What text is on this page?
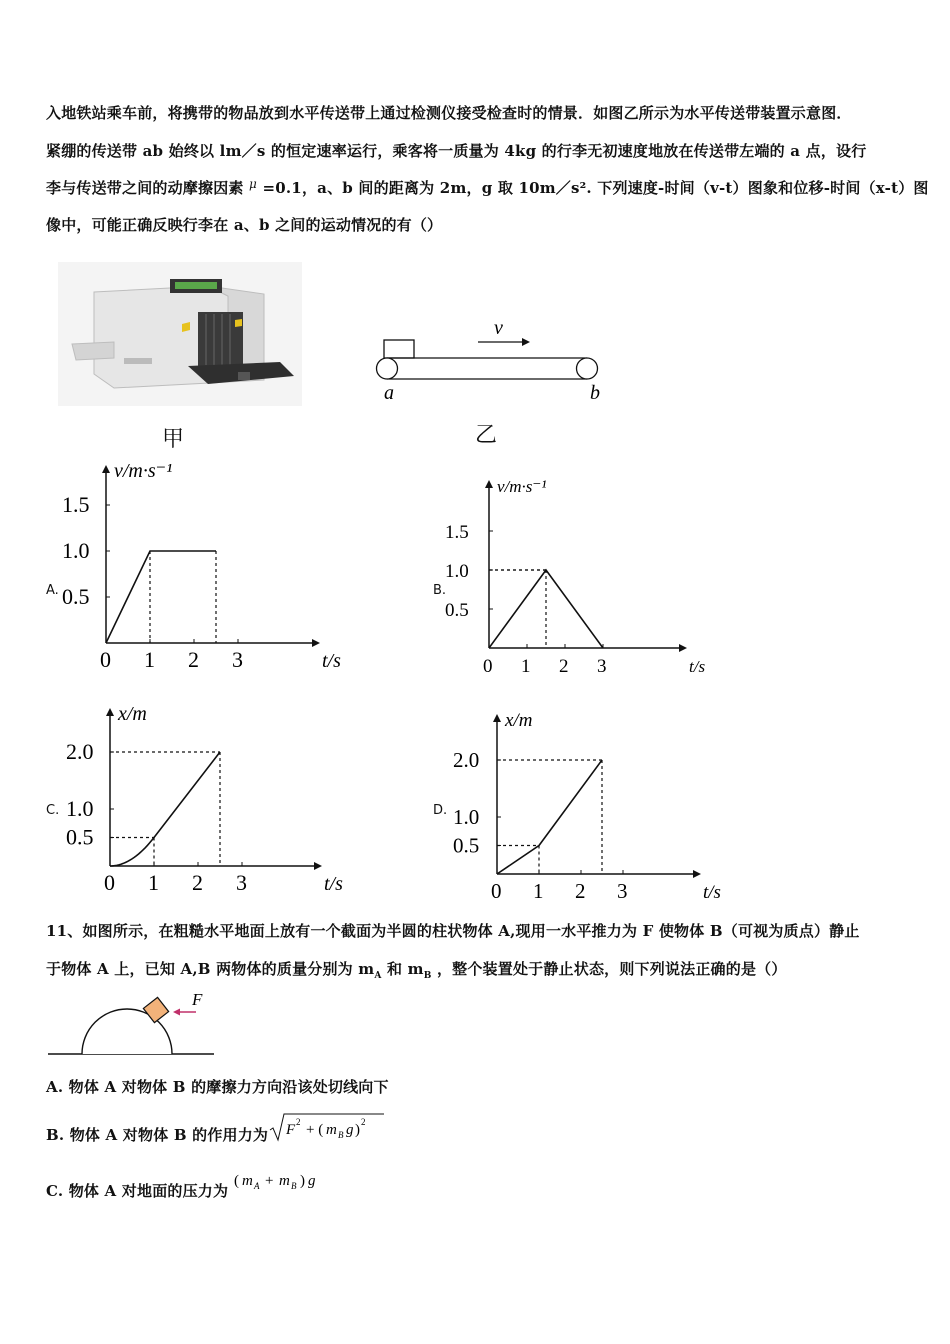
入地铁站乘车前，将携带的物品放到水平传送带上通过检测仪接受检查时的情景．如图乙所示为水平传送带装置示意图．
紧绷的传送带 ab 始终以 lm／s 的恒定速率运行，乘客将一质量为 4kg 的行李无初速度地放在传送带左端的 a 点，设行
李与传送带之间的动摩擦因素 $^\mu$ =0.1，a、b 间的距离为 2m，g 取 10m／s². 下列速度-时间（v-t）图象和位移-时间（x-t）图
像中，可能正确反映行李在 a、b 之间的运动情况的有（）
甲
v
a	b
乙
A.	B.
C.	D.
v/m·s⁻¹
t/s
0 1 2 3
0.5
1.0
1.5
v/m·s⁻¹
t/s
0 1 2 3
0.5
1.0
1.5
x/m
t/s
0 1 2 3
0.5
1.0
2.0
x/m
t/s
0 1 2 3
0.5
1.0
2.0
11、如图所示，在粗糙水平地面上放有一个截面为半圆的柱状物体 A,现用一水平推力为 F 使物体 B（可视为质点）静止
于物体 A 上，已知 A,B 两物体的质量分别为 $m_A$ 和 $m_B$ ，整个装置处于静止状态，则下列说法正确的是（）
F
A. 物体 A 对物体 B 的摩擦力方向沿该处切线向下
B. 物体 A 对物体 B 的作用力为 F 2 + ( m B g ) 2
C. 物体 A 对地面的压力为
( m A + m B ) g
